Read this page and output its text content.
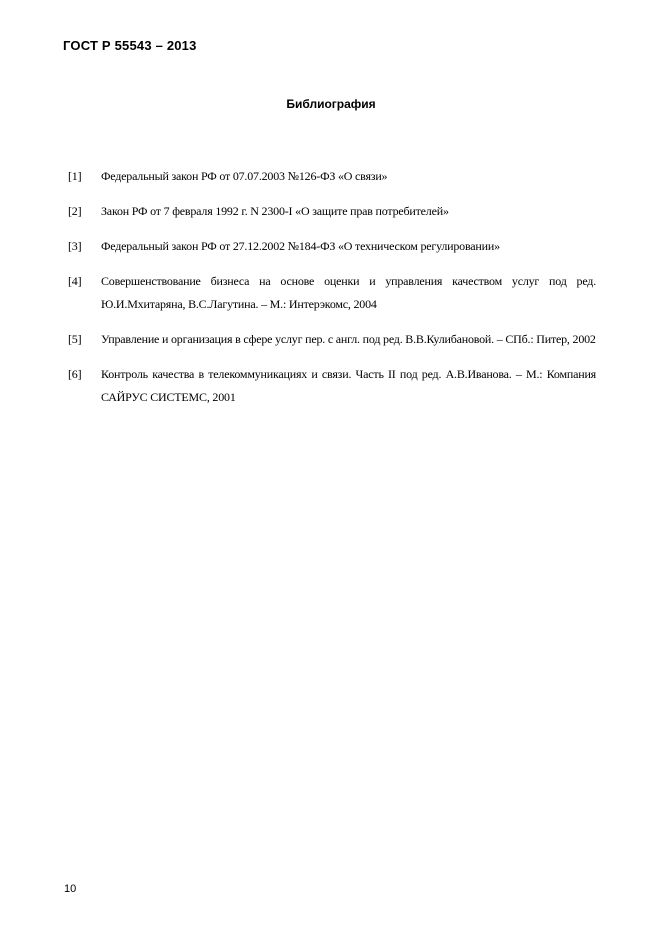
ГОСТ Р 55543 – 2013
Библиография
[1]	Федеральный закон РФ от 07.07.2003 №126-ФЗ «О связи»
[2]	Закон РФ от 7 февраля 1992 г. N 2300-I «О защите прав потребителей»
[3]	Федеральный закон РФ от 27.12.2002 №184-ФЗ «О техническом регулировании»
[4]	Совершенствование бизнеса на основе оценки и управления качеством услуг под ред. Ю.И.Мхитаряна, В.С.Лагутина. – М.: Интерэкомс, 2004
[5]	Управление и организация в сфере услуг пер. с англ. под ред. В.В.Кулибановой. – СПб.: Питер, 2002
[6]	Контроль качества в телекоммуникациях и связи. Часть II под ред. А.В.Иванова. – М.: Компания САЙРУС СИСТЕМС, 2001
10
